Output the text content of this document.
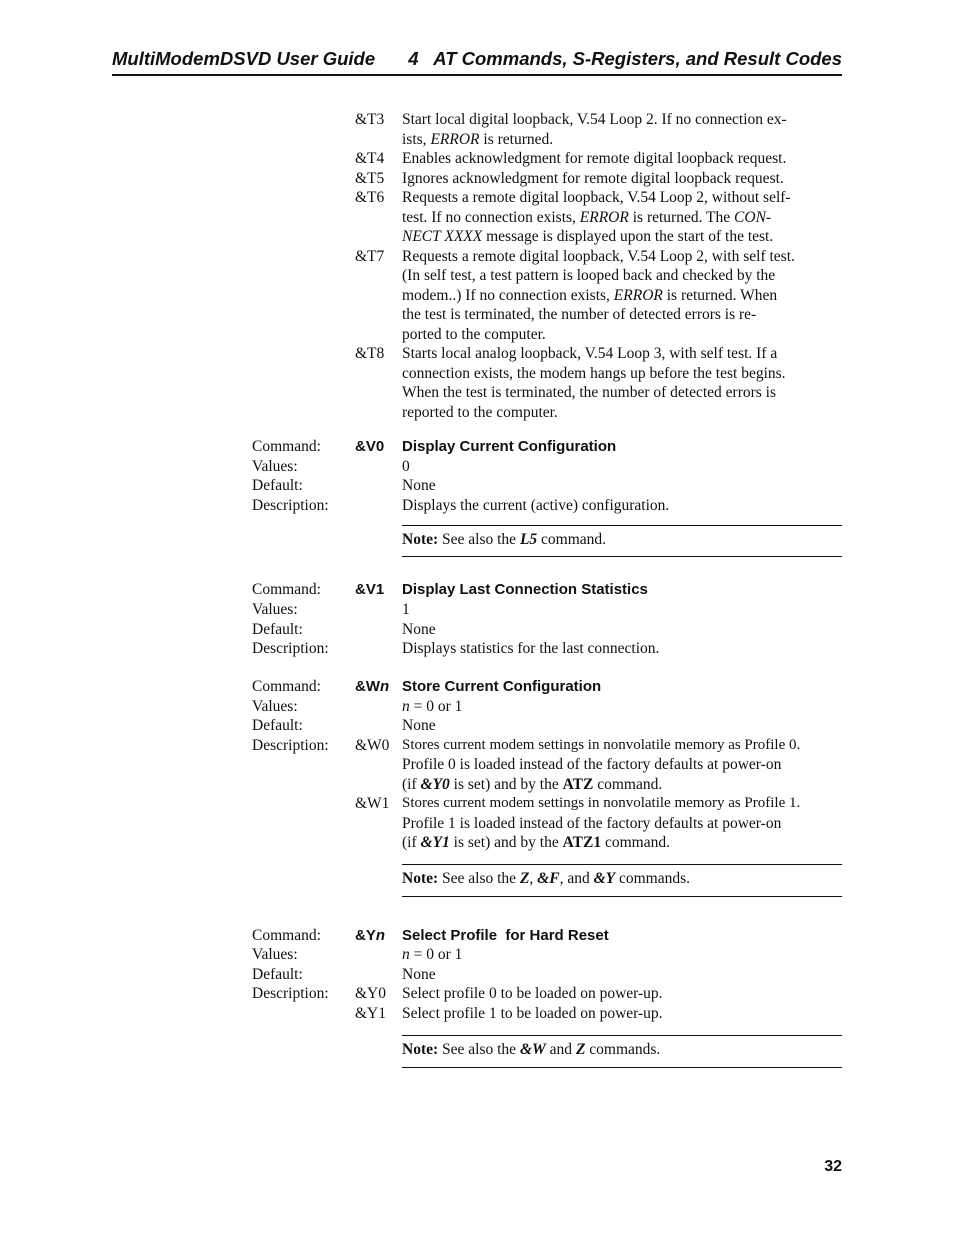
MultiModemDSVD User Guide 4   AT Commands, S-Registers, and Result Codes
&T3 Start local digital loopback, V.54 Loop 2. If no connection ex-
ists, ERROR is returned.
&T4 Enables acknowledgment for remote digital loopback request.
&T5 Ignores acknowledgment for remote digital loopback request.
&T6 Requests a remote digital loopback, V.54 Loop 2, without self-
test. If no connection exists, ERROR is returned. The CON-
NECT XXXX message is displayed upon the start of the test.
&T7 Requests a remote digital loopback, V.54 Loop 2, with self test.
(In self test, a test pattern is looped back and checked by the
modem..) If no connection exists, ERROR is returned. When
the test is terminated, the number of detected errors is re-
ported to the computer.
&T8 Starts local analog loopback, V.54 Loop 3, with self test. If a
connection exists, the modem hangs up before the test begins.
When the test is terminated, the number of detected errors is
reported to the computer.
Command: &V0 Display Current Configuration
Values:	0
Default:	None
Description:	Displays the current (active) configuration.
Note: See also the L5 command.
Command: &V1 Display Last Connection Statistics
Values:	1
Default:	None
Description:	Displays statistics for the last connection.
Command: &Wn Store Current Configuration
Values:	n = 0 or 1
Default:	None
Description: &W0 Stores current modem settings in nonvolatile memory as Profile 0.
Profile 0 is loaded instead of the factory defaults at power-on
(if &Y0 is set) and by the ATZ command.
&W1 Stores current modem settings in nonvolatile memory as Profile 1.
Profile 1 is loaded instead of the factory defaults at power-on
(if &Y1 is set) and by the ATZ1 command.
Note: See also the Z, &F, and &Y commands.
Command: &Yn Select Profile  for Hard Reset
Values:	n = 0 or 1
Default:	None
Description: &Y0 Select profile 0 to be loaded on power-up.
&Y1 Select profile 1 to be loaded on power-up.
Note: See also the &W and Z commands.
32
